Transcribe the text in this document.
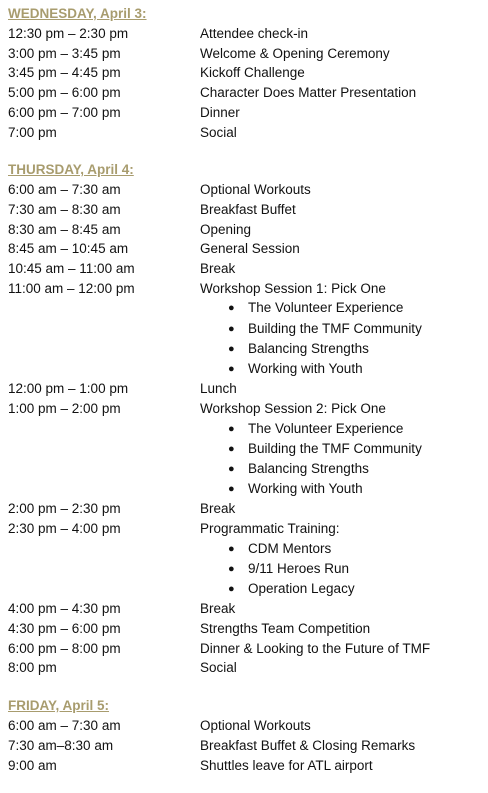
WEDNESDAY, April 3:
12:30 pm – 2:30 pm	Attendee check-in
3:00 pm – 3:45 pm	Welcome & Opening Ceremony
3:45 pm – 4:45 pm	Kickoff Challenge
5:00 pm – 6:00 pm	Character Does Matter Presentation
6:00 pm – 7:00 pm	Dinner
7:00 pm	Social
THURSDAY, April 4:
6:00 am – 7:30 am	Optional Workouts
7:30 am – 8:30 am	Breakfast Buffet
8:30 am – 8:45 am	Opening
8:45 am – 10:45 am	General Session
10:45 am – 11:00 am	Break
11:00 am – 12:00 pm	Workshop Session 1: Pick One
● The Volunteer Experience
● Building the TMF Community
● Balancing Strengths
● Working with Youth
12:00 pm – 1:00 pm	Lunch
1:00 pm – 2:00 pm	Workshop Session 2: Pick One
● The Volunteer Experience
● Building the TMF Community
● Balancing Strengths
● Working with Youth
2:00 pm – 2:30 pm	Break
2:30 pm – 4:00 pm	Programmatic Training:
● CDM Mentors
● 9/11 Heroes Run
● Operation Legacy
4:00 pm – 4:30 pm	Break
4:30 pm – 6:00 pm	Strengths Team Competition
6:00 pm – 8:00 pm	Dinner & Looking to the Future of TMF
8:00 pm	Social
FRIDAY, April 5:
6:00 am – 7:30 am	Optional Workouts
7:30 am–8:30 am	Breakfast Buffet & Closing Remarks
9:00 am	Shuttles leave for ATL airport
